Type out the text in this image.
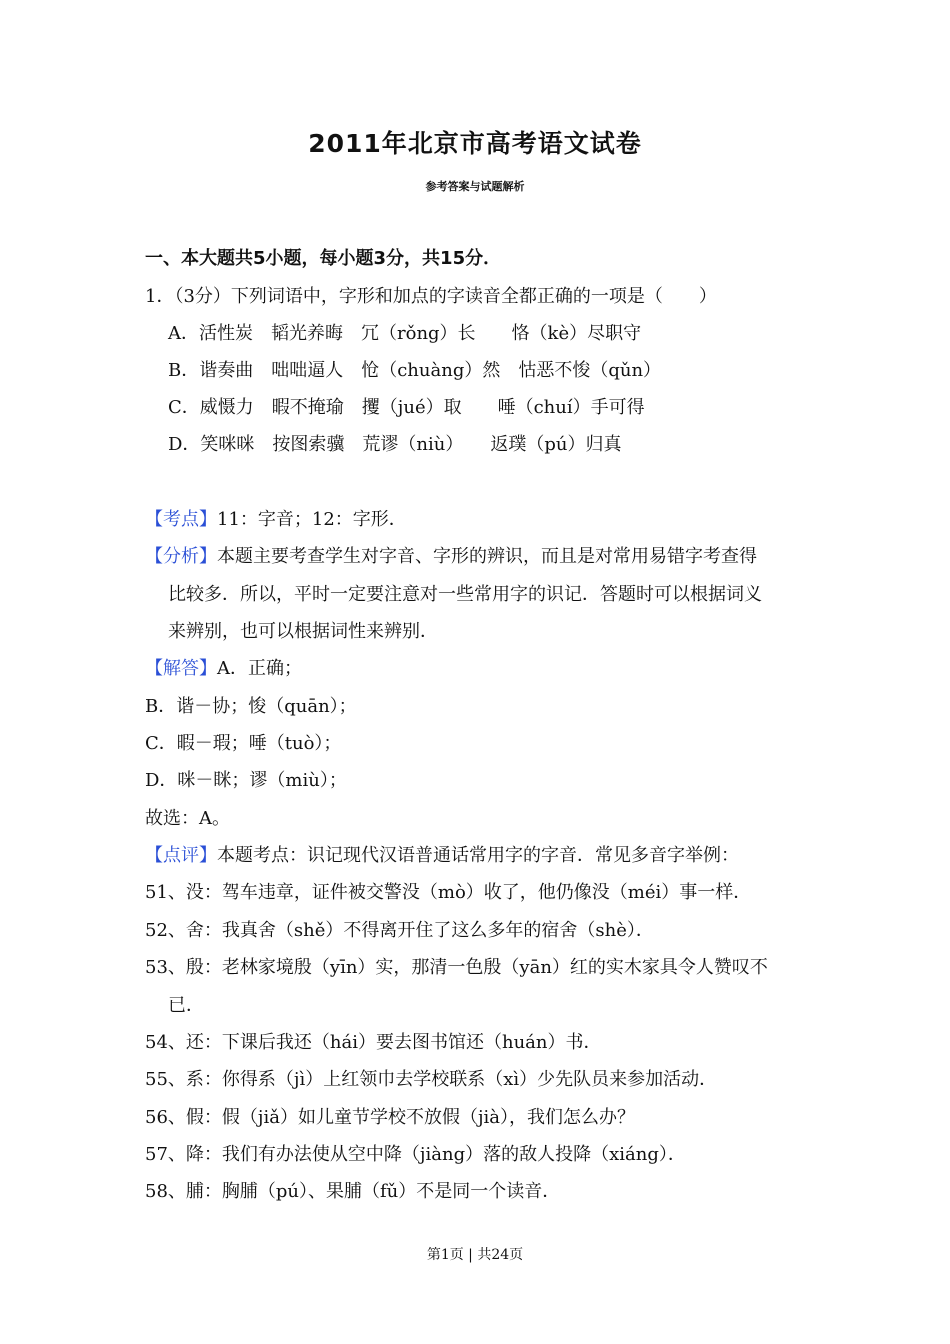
2011年北京市高考语文试卷
参考答案与试题解析
一、本大题共5小题，每小题3分，共15分．
1．（3分）下列词语中，字形和加点的字读音全都正确的一项是（　　）
A．活性炭　韬光养晦　冗（rǒng）长　　恪（kè）尽职守
B．谐奏曲　咄咄逼人　怆（chuàng）然　怙恶不悛（qǔn）
C．威慑力　暇不掩瑜　攫（jué）取　　唾（chuí）手可得
D．笑咪咪　按图索骥　荒谬（niù）　　返璞（pú）归真
【考点】11：字音；12：字形．
【分析】本题主要考查学生对字音、字形的辨识，而且是对常用易错字考查得
比较多．所以，平时一定要注意对一些常用字的识记．答题时可以根据词义
来辨别，也可以根据词性来辨别．
【解答】A．正确；
B．谐－协；悛（quān）；
C．暇－瑕；唾（tuò）；
D．咪－眯；谬（miù）；
故选：A。
【点评】本题考点：识记现代汉语普通话常用字的字音．常见多音字举例：
51、没：驾车违章，证件被交警没（mò）收了，他仍像没（méi）事一样．
52、舍：我真舍（shě）不得离开住了这么多年的宿舍（shè）．
53、殷：老林家境殷（yīn）实，那清一色殷（yān）红的实木家具令人赞叹不
已．
54、还：下课后我还（hái）要去图书馆还（huán）书．
55、系：你得系（jì）上红领巾去学校联系（xì）少先队员来参加活动．
56、假：假（jiǎ）如儿童节学校不放假（jià），我们怎么办？
57、降：我们有办法使从空中降（jiàng）落的敌人投降（xiáng）．
58、脯：胸脯（pú）、果脯（fǔ）不是同一个读音．
第1页 | 共24页
